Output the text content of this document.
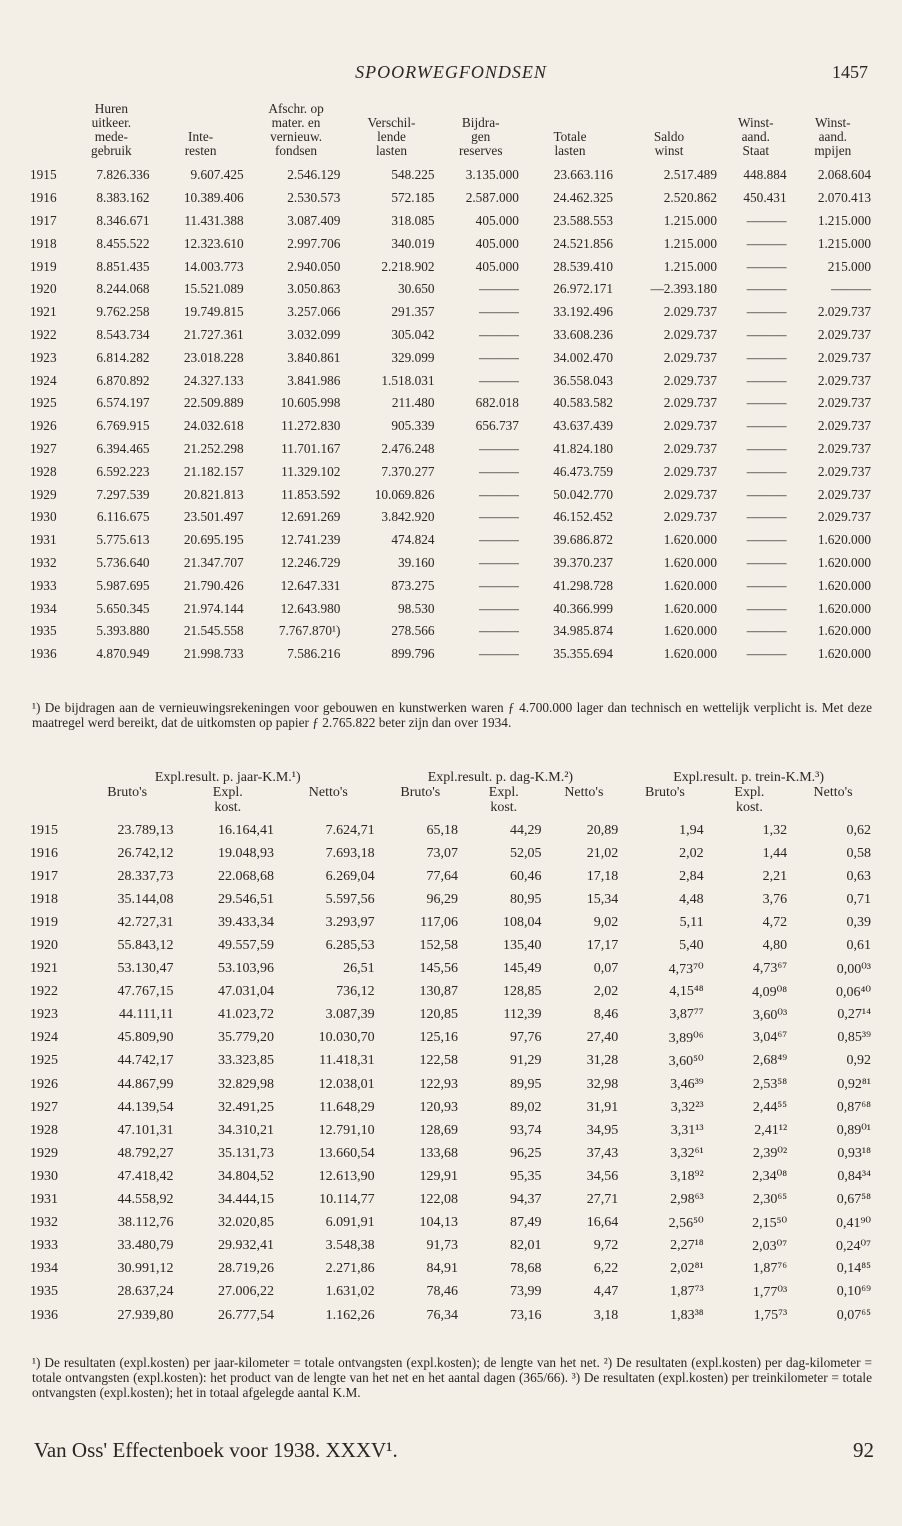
SPOORWEGFONDSEN	1457

	Huren
uitkeer.
mede-
gebruik	Inte-
resten	Afschr. op
mater. en
vernieuw.
fondsen	Verschil-
lende
lasten	Bijdra-
gen
reserves	Totale
lasten	Saldo
winst	Winst-
aand.
Staat	Winst-
aand.
mpijen
1915	7.826.336	9.607.425	2.546.129	548.225	3.135.000	23.663.116	2.517.489	448.884	2.068.604
1916	8.383.162	10.389.406	2.530.573	572.185	2.587.000	24.462.325	2.520.862	450.431	2.070.413
1917	8.346.671	11.431.388	3.087.409	318.085	405.000	23.588.553	1.215.000	———	1.215.000
1918	8.455.522	12.323.610	2.997.706	340.019	405.000	24.521.856	1.215.000	———	1.215.000
1919	8.851.435	14.003.773	2.940.050	2.218.902	405.000	28.539.410	1.215.000	———	215.000
1920	8.244.068	15.521.089	3.050.863	30.650	———	26.972.171	—2.393.180	———	———
1921	9.762.258	19.749.815	3.257.066	291.357	———	33.192.496	2.029.737	———	2.029.737
1922	8.543.734	21.727.361	3.032.099	305.042	———	33.608.236	2.029.737	———	2.029.737
1923	6.814.282	23.018.228	3.840.861	329.099	———	34.002.470	2.029.737	———	2.029.737
1924	6.870.892	24.327.133	3.841.986	1.518.031	———	36.558.043	2.029.737	———	2.029.737
1925	6.574.197	22.509.889	10.605.998	211.480	682.018	40.583.582	2.029.737	———	2.029.737
1926	6.769.915	24.032.618	11.272.830	905.339	656.737	43.637.439	2.029.737	———	2.029.737
1927	6.394.465	21.252.298	11.701.167	2.476.248	———	41.824.180	2.029.737	———	2.029.737
1928	6.592.223	21.182.157	11.329.102	7.370.277	———	46.473.759	2.029.737	———	2.029.737
1929	7.297.539	20.821.813	11.853.592	10.069.826	———	50.042.770	2.029.737	———	2.029.737
1930	6.116.675	23.501.497	12.691.269	3.842.920	———	46.152.452	2.029.737	———	2.029.737
1931	5.775.613	20.695.195	12.741.239	474.824	———	39.686.872	1.620.000	———	1.620.000
1932	5.736.640	21.347.707	12.246.729	39.160	———	39.370.237	1.620.000	———	1.620.000
1933	5.987.695	21.790.426	12.647.331	873.275	———	41.298.728	1.620.000	———	1.620.000
1934	5.650.345	21.974.144	12.643.980	98.530	———	40.366.999	1.620.000	———	1.620.000
1935	5.393.880	21.545.558	7.767.870¹)	278.566	———	34.985.874	1.620.000	———	1.620.000
1936	4.870.949	21.998.733	7.586.216	899.796	———	35.355.694	1.620.000	———	1.620.000
¹) De bijdragen aan de vernieuwingsrekeningen voor gebouwen en kunstwerken waren ƒ 4.700.000 lager dan technisch en wettelijk verplicht is. Met deze maatregel werd bereikt, dat de uitkomsten op papier ƒ 2.765.822 beter zijn dan over 1934.
	Expl.result. p. jaar-K.M.¹)			Expl.result. p. dag-K.M.²)			Expl.result. p. trein-K.M.³)		
	Bruto's	Expl.
kost.	Netto's	Bruto's	Expl.
kost.	Netto's	Bruto's	Expl.
kost.	Netto's

1915	23.789,13	16.164,41	7.624,71	65,18	44,29	20,89	1,94	1,32	0,62
1916	26.742,12	19.048,93	7.693,18	73,07	52,05	21,02	2,02	1,44	0,58
1917	28.337,73	22.068,68	6.269,04	77,64	60,46	17,18	2,84	2,21	0,63
1918	35.144,08	29.546,51	5.597,56	96,29	80,95	15,34	4,48	3,76	0,71
1919	42.727,31	39.433,34	3.293,97	117,06	108,04	9,02	5,11	4,72	0,39
1920	55.843,12	49.557,59	6.285,53	152,58	135,40	17,17	5,40	4,80	0,61
1921	53.130,47	53.103,96	26,51	145,56	145,49	0,07	4,73⁷⁰	4,73⁶⁷	0,00⁰³
1922	47.767,15	47.031,04	736,12	130,87	128,85	2,02	4,15⁴⁸	4,09⁰⁸	0,06⁴⁰
1923	44.111,11	41.023,72	3.087,39	120,85	112,39	8,46	3,87⁷⁷	3,60⁰³	0,27¹⁴
1924	45.809,90	35.779,20	10.030,70	125,16	97,76	27,40	3,89⁰⁶	3,04⁶⁷	0,85³⁹
1925	44.742,17	33.323,85	11.418,31	122,58	91,29	31,28	3,60⁵⁰	2,68⁴⁹	0,92
1926	44.867,99	32.829,98	12.038,01	122,93	89,95	32,98	3,46³⁹	2,53⁵⁸	0,92⁸¹
1927	44.139,54	32.491,25	11.648,29	120,93	89,02	31,91	3,32²³	2,44⁵⁵	0,87⁶⁸
1928	47.101,31	34.310,21	12.791,10	128,69	93,74	34,95	3,31¹³	2,41¹²	0,89⁰¹
1929	48.792,27	35.131,73	13.660,54	133,68	96,25	37,43	3,32⁶¹	2,39⁰²	0,93¹⁸
1930	47.418,42	34.804,52	12.613,90	129,91	95,35	34,56	3,18⁹²	2,34⁰⁸	0,84³⁴
1931	44.558,92	34.444,15	10.114,77	122,08	94,37	27,71	2,98⁶³	2,30⁶⁵	0,67⁵⁸
1932	38.112,76	32.020,85	6.091,91	104,13	87,49	16,64	2,56⁵⁰	2,15⁵⁰	0,41⁹⁰
1933	33.480,79	29.932,41	3.548,38	91,73	82,01	9,72	2,27¹⁸	2,03⁰⁷	0,24⁰⁷
1934	30.991,12	28.719,26	2.271,86	84,91	78,68	6,22	2,02⁸¹	1,87⁷⁶	0,14⁸⁵
1935	28.637,24	27.006,22	1.631,02	78,46	73,99	4,47	1,87⁷³	1,77⁰³	0,10⁶⁹
1936	27.939,80	26.777,54	1.162,26	76,34	73,16	3,18	1,83³⁸	1,75⁷³	0,07⁶⁵
¹) De resultaten (expl.kosten) per jaar-kilometer = totale ontvangsten (expl.kosten); de lengte van het net. ²) De resultaten (expl.kosten) per dag-kilometer = totale ontvangsten (expl.kosten): het product van de lengte van het net en het aantal dagen (365/66). ³) De resultaten (expl.kosten) per treinkilometer = totale ontvangsten (expl.kosten); het in totaal afgelegde aantal K.M.
Van Oss' Effectenboek voor 1938. XXXV¹.	92
